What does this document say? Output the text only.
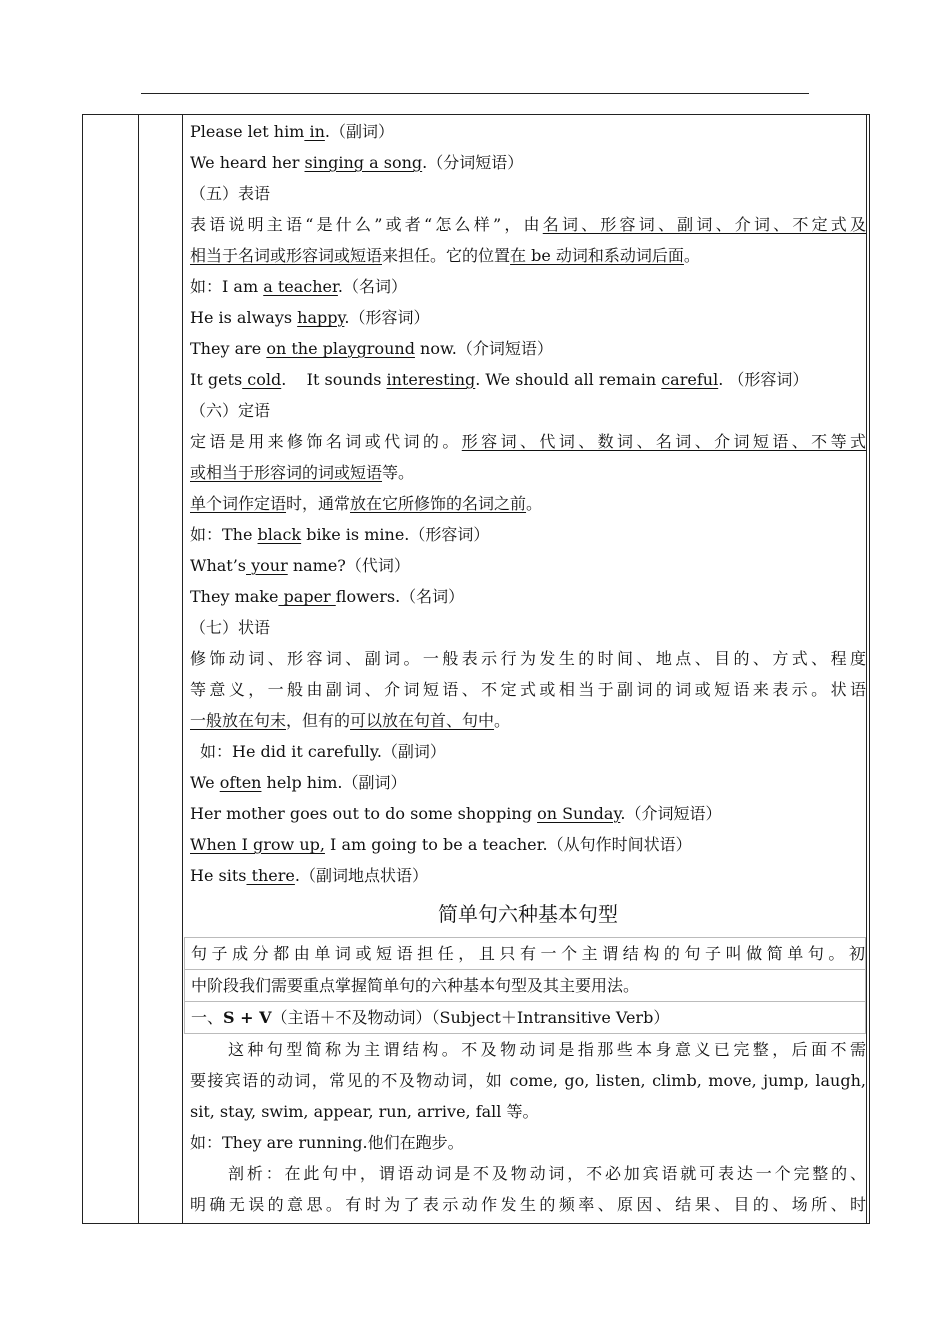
Please let him in.（副词）
We heard her singing a song.（分词短语）
（五）表语
表语说明主语“是什么”或者“怎么样”，由名词、形容词、副词、介词、不定式及
相当于名词或形容词或短语来担任。它的位置在 be 动词和系动词后面。
如：I am a teacher.（名词）
He is always happy.（形容词）
They are on the playground now.（介词短语）
It gets cold.    It sounds interesting. We should all remain careful. （形容词）
（六）定语
定语是用来修饰名词或代词的。形容词、代词、数词、名词、介词短语、不等式
或相当于形容词的词或短语等。
单个词作定语时，通常放在它所修饰的名词之前。
如：The black bike is mine.（形容词）
What’s your name?（代词）
They make paper flowers.（名词）
（七）状语
修饰动词、形容词、副词。一般表示行为发生的时间、地点、目的、方式、程度
等意义，一般由副词、介词短语、不定式或相当于副词的词或短语来表示。状语
一般放在句末，但有的可以放在句首、句中。
如：He did it carefully.（副词）
We often help him.（副词）
Her mother goes out to do some shopping on Sunday.（介词短语）
When I grow up, I am going to be a teacher.（从句作时间状语）
He sits there.（副词地点状语）
简单句六种基本句型
句子成分都由单词或短语担任，且只有一个主谓结构的句子叫做简单句。初
中阶段我们需要重点掌握简单句的六种基本句型及其主要用法。
一、S + V（主语＋不及物动词）（Subject＋Intransitive Verb）
这种句型简称为主谓结构。不及物动词是指那些本身意义已完整，后面不需
要接宾语的动词，常见的不及物动词，如 come, go, listen, climb, move, jump, laugh,
sit, stay, swim, appear, run, arrive, fall 等。
如：They are running.他们在跑步。
剖析：在此句中，谓语动词是不及物动词，不必加宾语就可表达一个完整的、
明确无误的意思。有时为了表示动作发生的频率、原因、结果、目的、场所、时
